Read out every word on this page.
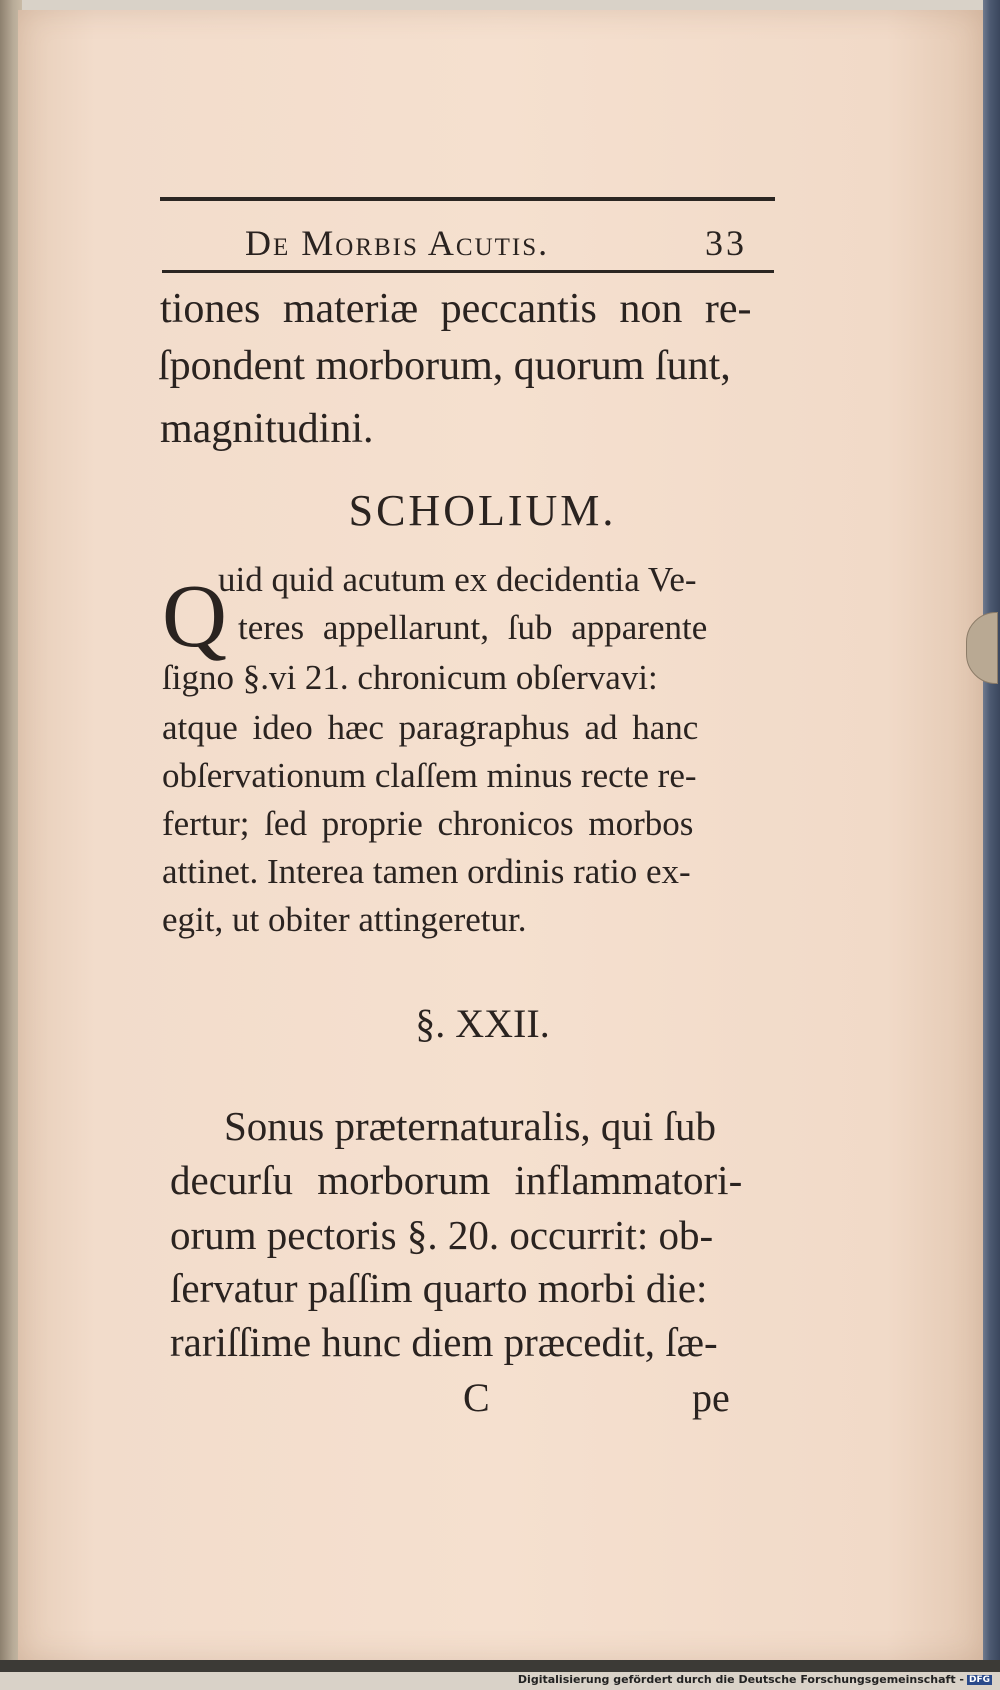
De Morbis Acutis.	33
tiones materiæ peccantis non re-
ſpondent morborum, quorum ſunt,
magnitudini.
SCHOLIUM.
Q
uid quid acutum ex decidentia Ve-
teres appellarunt, ſub apparente
ſigno §.vi 21. chronicum obſervavi:
atque ideo hæc paragraphus ad hanc
obſervationum claſſem minus recte re-
fertur; ſed proprie chronicos morbos
attinet. Interea tamen ordinis ratio ex-
egit, ut obiter attingeretur.
§. XXII.
Sonus præternaturalis, qui ſub
decurſu morborum inflammatori-
orum pectoris §. 20. occurrit: ob-
ſervatur paſſim quarto morbi die:
rariſſime hunc diem præcedit, ſæ-
C	pe
Digitalisierung gefördert durch die Deutsche Forschungsgemeinschaft - DFG
